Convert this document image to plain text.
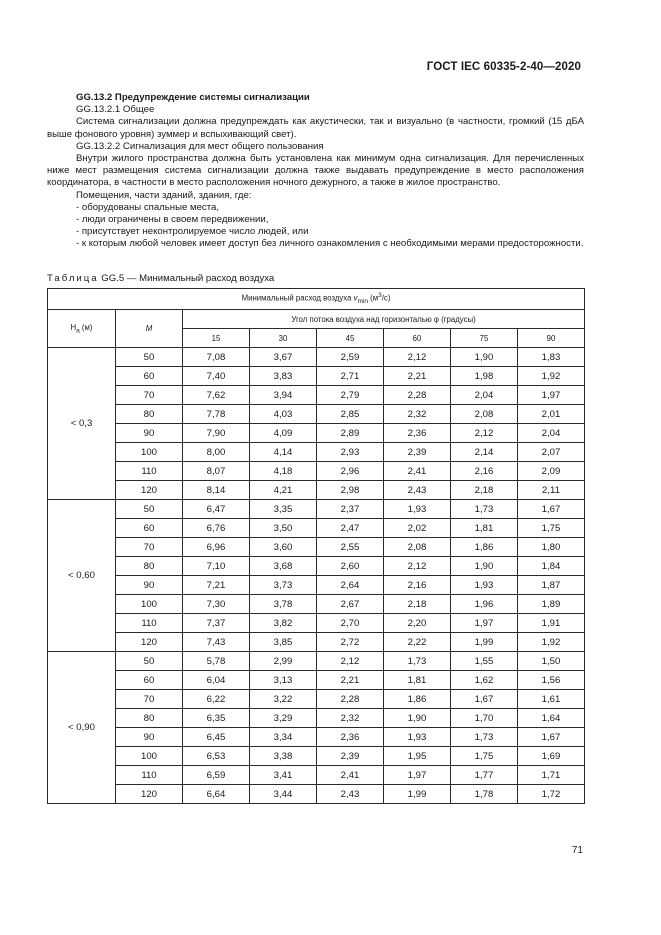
ГОСТ IEC 60335-2-40—2020

GG.13.2 Предупреждение системы сигнализации

GG.13.2.1 Общее

Система сигнализации должна предупреждать как акустически, так и визуально (в частности, громкий (15 дБА выше фонового уровня) зуммер и вспыхивающий свет).

GG.13.2.2 Сигнализация для мест общего пользования

Внутри жилого пространства должна быть установлена как минимум одна сигнализация. Для перечисленных ниже мест размещения система сигнализации должна также выдавать предупреждение в место расположения координатора, в частности в место расположения ночного дежурного, а также в жилое пространство.

Помещения, части зданий, здания, где:

- оборудованы спальные места,

- люди ограничены в своем передвижении,

- присутствует неконтролируемое число людей, или

- к которым любой человек имеет доступ без личного ознакомления с необходимыми мерами предосторожности.

Таблица GG.5 — Минимальный расход воздуха
Минимальный расход воздуха $v_{min}$ $(м^3/с)$							
$H_a$ (м)	M	Угол потока воздуха над горизонталью φ (градусы)					
		15	30	45	60	75	90
< 0,3	50	7,08	3,67	2,59	2,12	1,90	1,83
	60	7,40	3,83	2,71	2,21	1,98	1,92
	70	7,62	3,94	2,79	2,28	2,04	1,97
	80	7,78	4,03	2,85	2,32	2,08	2,01
	90	7,90	4,09	2,89	2,36	2,12	2,04
	100	8,00	4,14	2,93	2,39	2,14	2,07
	110	8,07	4,18	2,96	2,41	2,16	2,09
	120	8,14	4,21	2,98	2,43	2,18	2,11
< 0,60	50	6,47	3,35	2,37	1,93	1,73	1,67
	60	6,76	3,50	2,47	2,02	1,81	1,75
	70	6,96	3,60	2,55	2,08	1,86	1,80
	80	7,10	3,68	2,60	2,12	1,90	1,84
	90	7,21	3,73	2,64	2,16	1,93	1,87
	100	7,30	3,78	2,67	2,18	1,96	1,89
	110	7,37	3,82	2,70	2,20	1,97	1,91
	120	7,43	3,85	2,72	2,22	1,99	1,92
< 0,90	50	5,78	2,99	2,12	1,73	1,55	1,50
	60	6,04	3,13	2,21	1,81	1,62	1,56
	70	6,22	3,22	2,28	1,86	1,67	1,61
	80	6,35	3,29	2,32	1,90	1,70	1,64
	90	6,45	3,34	2,36	1,93	1,73	1,67
	100	6,53	3,38	2,39	1,95	1,75	1,69
	110	6,59	3,41	2,41	1,97	1,77	1,71
	120	6,64	3,44	2,43	1,99	1,78	1,72
71
